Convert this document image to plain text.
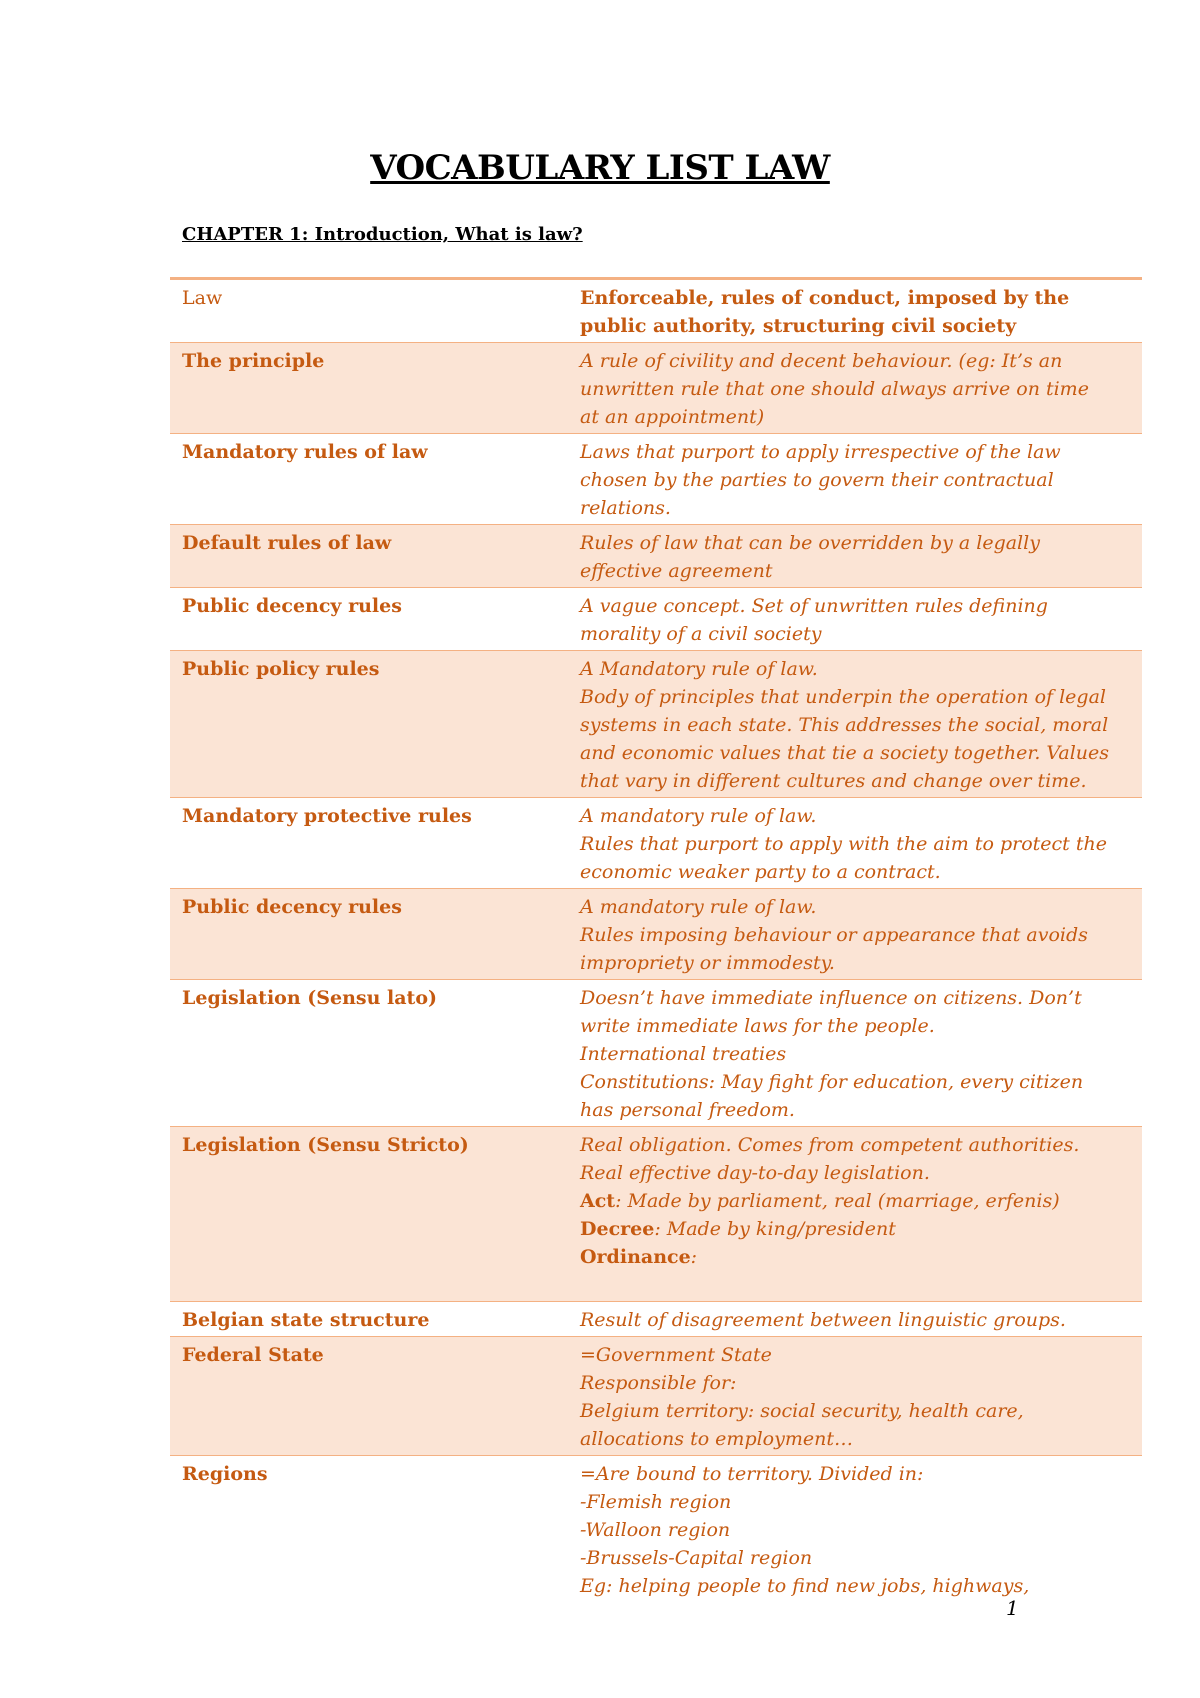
VOCABULARY LIST LAW
CHAPTER 1: Introduction, What is law?
Law	Enforceable, rules of conduct, imposed by the
public authority, structuring civil society
The principle	A rule of civility and decent behaviour. (eg: It’s an
unwritten rule that one should always arrive on time
at an appointment)
Mandatory rules of law	Laws that purport to apply irrespective of the law
chosen by the parties to govern their contractual
relations.
Default rules of law	Rules of law that can be overridden by a legally
effective agreement
Public decency rules	A vague concept. Set of unwritten rules defining
morality of a civil society
Public policy rules	A Mandatory rule of law.
Body of principles that underpin the operation of legal
systems in each state. This addresses the social, moral
and economic values that tie a society together. Values
that vary in different cultures and change over time.
Mandatory protective rules	A mandatory rule of law.
Rules that purport to apply with the aim to protect the
economic weaker party to a contract.
Public decency rules	A mandatory rule of law.
Rules imposing behaviour or appearance that avoids
impropriety or immodesty.
Legislation (Sensu lato)	Doesn’t have immediate influence on citizens. Don’t
write immediate laws for the people.
International treaties
Constitutions: May fight for education, every citizen
has personal freedom.
Legislation (Sensu Stricto)	Real obligation. Comes from competent authorities.
Real effective day-to-day legislation.
Act: Made by parliament, real (marriage, erfenis)
Decree: Made by king/president
Ordinance:

Belgian state structure	Result of disagreement between linguistic groups.
Federal State	=Government State
Responsible for:
Belgium territory: social security, health care,
allocations to employment…
Regions	=Are bound to territory. Divided in:
-Flemish region
-Walloon region
-Brussels-Capital region
Eg: helping people to find new jobs, highways,
1
